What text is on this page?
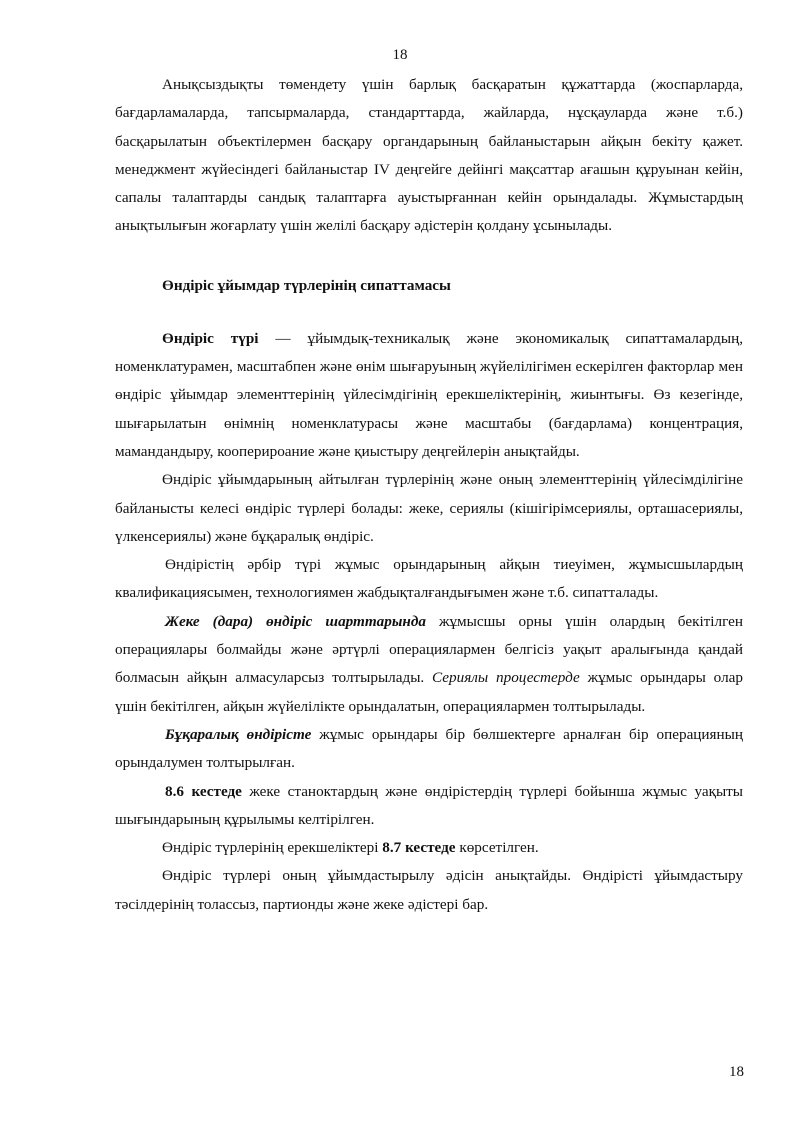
18

Анықсыздықты төмендету үшін барлық басқаратын құжаттарда (жоспарларда, бағдарламаларда, тапсырмаларда, стандарттарда, жайларда, нұсқауларда және т.б.) басқарылатын объектілермен басқару органдарының байланыстарын айқын бекіту қажет. менеджмент жүйесіндегі байланыстар IV деңгейге дейінгі мақсаттар ағашын құруынан кейін, сапалы талаптарды сандық талаптарға ауыстырғаннан кейін орындалады. Жұмыстардың анықтылығын жоғарлату үшін желілі басқару әдістерін қолдану ұсынылады.

Өндіріс ұйымдар түрлерінің сипаттамасы

Өндіріс түрі — ұйымдық-техникалық және экономикалық сипаттамалардың, номенклатурамен, масштабпен және өнім шығаруының жүйелілігімен ескерілген факторлар мен өндіріс ұйымдар элементтерінің үйлесімдігінің ерекшеліктерінің, жиынтығы. Өз кезегінде, шығарылатын өнімнің номенклатурасы және масштабы (бағдарлама) концентрация, мамандандыру, кооперироание және қиыстыру деңгейлерін анықтайды.

Өндіріс ұйымдарының айтылған түрлерінің және оның элементтерінің үйлесімділігіне байланысты келесі өндіріс түрлері болады: жеке, сериялы (кішігірімсериялы, орташасериялы, үлкенсериялы) және бұқаралық өндіріс.

Өндірістің әрбір түрі жұмыс орындарының айқын тиеуімен, жұмысшылардың квалификациясымен, технологиямен жабдықталғандығымен және т.б. сипатталады.

Жеке (дара) өндіріс шарттарында жұмысшы орны үшін олардың бекітілген операциялары болмайды және әртүрлі операциялармен белгісіз уақыт аралығында қандай болмасын айқын алмасуларсыз толтырылады. Сериялы процестерде жұмыс орындары олар үшін бекітілген, айқын жүйелілікте орындалатын, операциялармен толтырылады.

Бұқаралық өндірісте жұмыс орындары бір бөлшектерге арналған бір операцияның орындалумен толтырылған.

8.6 кестеде жеке станоктардың және өндірістердің түрлері бойынша жұмыс уақыты шығындарының құрылымы келтірілген.

Өндіріс түрлерінің ерекшеліктері 8.7 кестеде көрсетілген.

Өндіріс түрлері оның ұйымдастырылу әдісін анықтайды. Өндірісті ұйымдастыру тәсілдерінің толассыз, партионды және жеке әдістері бар.

18
